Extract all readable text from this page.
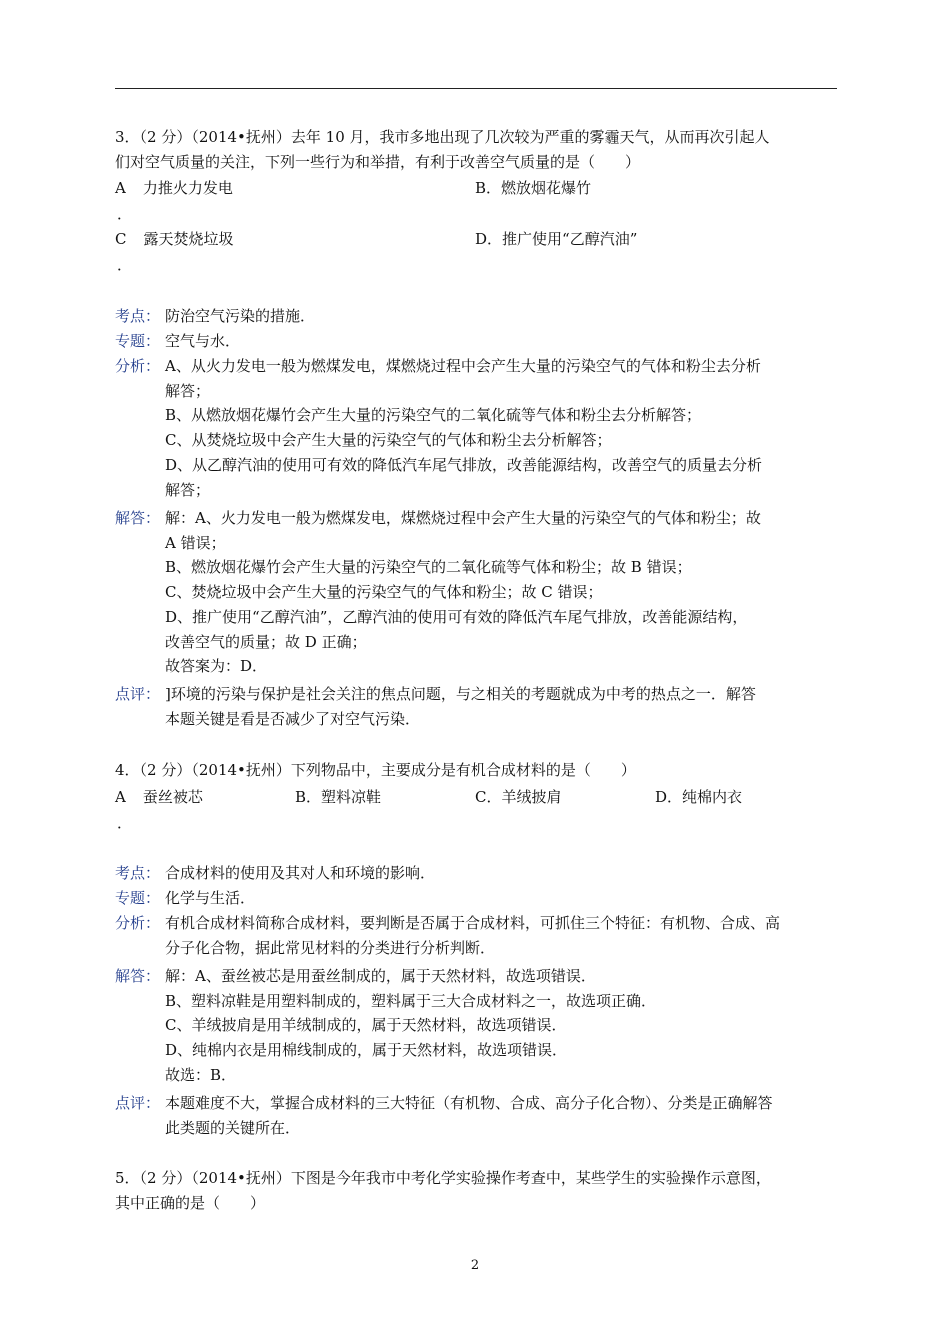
3．（2 分）（2014•抚州）去年 10 月，我市多地出现了几次较为严重的雾霾天气，从而再次引起人
们对空气质量的关注，下列一些行为和举措，有利于改善空气质量的是（　　）
A 力推火力发电	B．燃放烟花爆竹
．
C 露天焚烧垃圾	D．推广使用“乙醇汽油”
．
考点： 防治空气污染的措施．
专题： 空气与水．
分析： A、从火力发电一般为燃煤发电，煤燃烧过程中会产生大量的污染空气的气体和粉尘去分析
解答；
B、从燃放烟花爆竹会产生大量的污染空气的二氧化硫等气体和粉尘去分析解答；
C、从焚烧垃圾中会产生大量的污染空气的气体和粉尘去分析解答；
D、从乙醇汽油的使用可有效的降低汽车尾气排放，改善能源结构，改善空气的质量去分析
解答；
解答： 解：A、火力发电一般为燃煤发电，煤燃烧过程中会产生大量的污染空气的气体和粉尘；故
A 错误；
B、燃放烟花爆竹会产生大量的污染空气的二氧化硫等气体和粉尘；故 B 错误；
C、焚烧垃圾中会产生大量的污染空气的气体和粉尘；故 C 错误；
D、推广使用“乙醇汽油”，乙醇汽油的使用可有效的降低汽车尾气排放，改善能源结构，
改善空气的质量；故 D 正确；
故答案为：D．
点评： ]环境的污染与保护是社会关注的焦点问题，与之相关的考题就成为中考的热点之一．解答
本题关键是看是否减少了对空气污染．
4．（2 分）（2014•抚州）下列物品中，主要成分是有机合成材料的是（　　）
A 蚕丝被芯	B．塑料凉鞋	C．羊绒披肩	D．纯棉内衣
．
考点： 合成材料的使用及其对人和环境的影响．
专题： 化学与生活．
分析： 有机合成材料简称合成材料，要判断是否属于合成材料，可抓住三个特征：有机物、合成、高
分子化合物，据此常见材料的分类进行分析判断．
解答： 解：A、蚕丝被芯是用蚕丝制成的，属于天然材料，故选项错误．
B、塑料凉鞋是用塑料制成的，塑料属于三大合成材料之一，故选项正确．
C、羊绒披肩是用羊绒制成的，属于天然材料，故选项错误．
D、纯棉内衣是用棉线制成的，属于天然材料，故选项错误．
故选：B．
点评： 本题难度不大，掌握合成材料的三大特征（有机物、合成、高分子化合物）、分类是正确解答
此类题的关键所在．
5．（2 分）（2014•抚州）下图是今年我市中考化学实验操作考查中，某些学生的实验操作示意图，
其中正确的是（　　）
2
